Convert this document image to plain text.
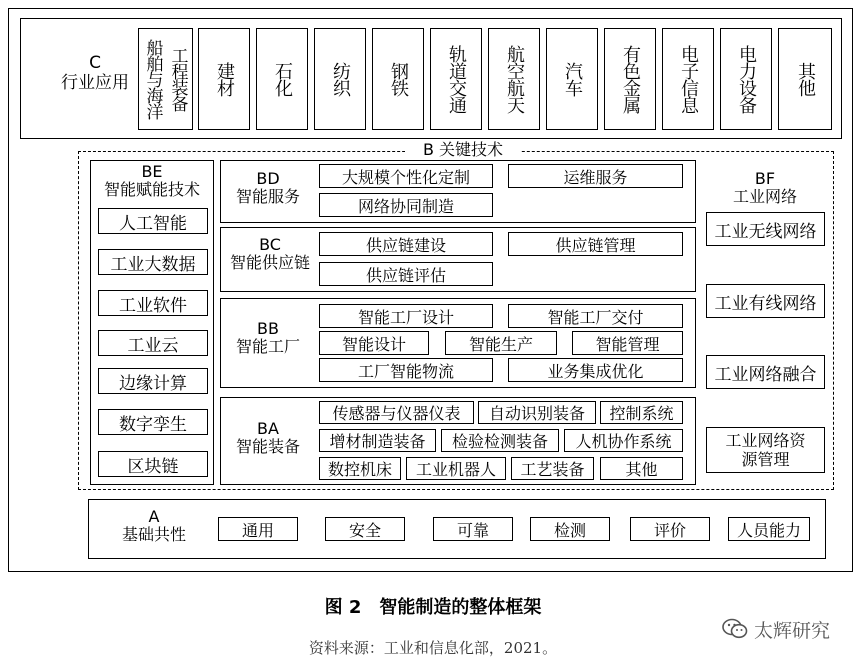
C
行业应用 船舶与海洋 工程装备 建材 石化 纺织 钢铁 轨道交通 航空航天 汽车 有色金属 电子信息 电力设备 其他
B 关键技术
BE
智能赋能技术
人工智能
工业大数据
工业软件
工业云
边缘计算
数字孪生
区块链
BD
智能服务
大规模个性化定制	运维服务
网络协同制造
BC
智能供应链
供应链建设	供应链管理
供应链评估
BB
智能工厂
智能工厂设计	智能工厂交付
智能设计	智能生产	智能管理
工厂智能物流	业务集成优化
BA
智能装备
传感器与仪器仪表	自动识别装备	控制系统
增材制造装备	检验检测装备	人机协作系统
数控机床	工业机器人	工艺装备	其他
BF
工业网络
工业无线网络
工业有线网络
工业网络融合
工业网络资源管理
A
基础共性	通用	安全	可靠	检测	评价	人员能力
图 2　智能制造的整体框架
资料来源：工业和信息化部，2021。
太辉研究
